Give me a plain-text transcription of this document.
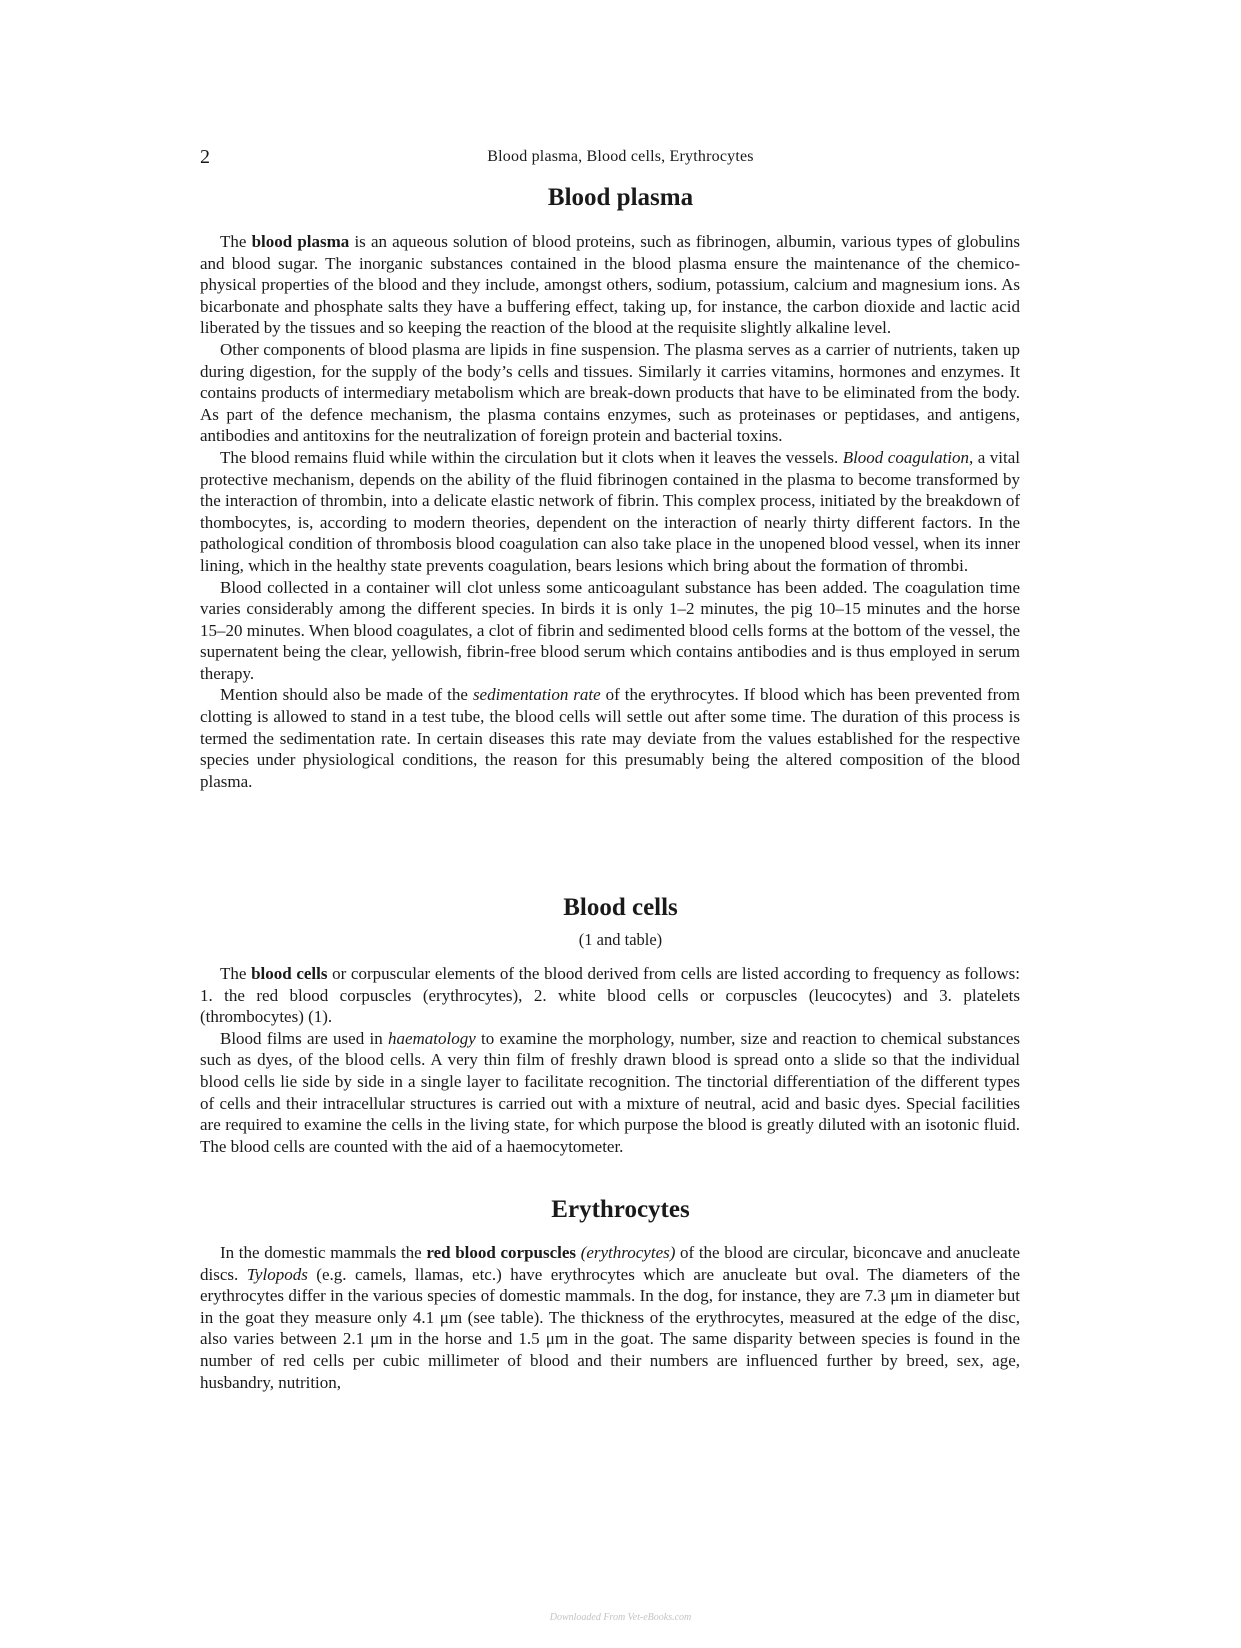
2	Blood plasma, Blood cells, Erythrocytes
Blood plasma

The blood plasma is an aqueous solution of blood proteins, such as fibrinogen, albumin, various types of globulins and blood sugar. The inorganic substances contained in the blood plasma ensure the maintenance of the chemico-physical properties of the blood and they include, amongst others, sodium, potassium, calcium and magnesium ions. As bicarbonate and phosphate salts they have a buffering effect, taking up, for instance, the carbon dioxide and lactic acid liberated by the tissues and so keeping the reaction of the blood at the requisite slightly alkaline level.

Other components of blood plasma are lipids in fine suspension. The plasma serves as a carrier of nutrients, taken up during digestion, for the supply of the body’s cells and tissues. Similarly it carries vitamins, hormones and enzymes. It contains products of intermediary metabolism which are break-down products that have to be eliminated from the body. As part of the defence mechanism, the plasma contains enzymes, such as proteinases or peptidases, and antigens, antibodies and antitoxins for the neutralization of foreign protein and bacterial toxins.

The blood remains fluid while within the circulation but it clots when it leaves the vessels. Blood coagulation, a vital protective mechanism, depends on the ability of the fluid fibrinogen contained in the plasma to become transformed by the interaction of thrombin, into a delicate elastic network of fibrin. This complex process, initiated by the breakdown of thombocytes, is, according to modern theories, dependent on the interaction of nearly thirty different factors. In the pathological condition of thrombosis blood coagulation can also take place in the unopened blood vessel, when its inner lining, which in the healthy state prevents coagulation, bears lesions which bring about the formation of thrombi.

Blood collected in a container will clot unless some anticoagulant substance has been added. The coagulation time varies considerably among the different species. In birds it is only 1–2 minutes, the pig 10–15 minutes and the horse 15–20 minutes. When blood coagulates, a clot of fibrin and sedimented blood cells forms at the bottom of the vessel, the supernatent being the clear, yellowish, fibrin-free blood serum which contains antibodies and is thus employed in serum therapy.

Mention should also be made of the sedimentation rate of the erythrocytes. If blood which has been prevented from clotting is allowed to stand in a test tube, the blood cells will settle out after some time. The duration of this process is termed the sedimentation rate. In certain diseases this rate may deviate from the values established for the respective species under physiological conditions, the reason for this presumably being the altered composition of the blood plasma.

Blood cells
(1 and table)

The blood cells or corpuscular elements of the blood derived from cells are listed according to frequency as follows: 1. the red blood corpuscles (erythrocytes), 2. white blood cells or corpuscles (leucocytes) and 3. platelets (thrombocytes) (1).

Blood films are used in haematology to examine the morphology, number, size and reaction to chemical substances such as dyes, of the blood cells. A very thin film of freshly drawn blood is spread onto a slide so that the individual blood cells lie side by side in a single layer to facilitate recognition. The tinctorial differentiation of the different types of cells and their intracellular structures is carried out with a mixture of neutral, acid and basic dyes. Special facilities are required to examine the cells in the living state, for which purpose the blood is greatly diluted with an isotonic fluid. The blood cells are counted with the aid of a haemocytometer.

Erythrocytes

In the domestic mammals the red blood corpuscles (erythrocytes) of the blood are circular, biconcave and anucleate discs. Tylopods (e.g. camels, llamas, etc.) have erythrocytes which are anucleate but oval. The diameters of the erythrocytes differ in the various species of domestic mammals. In the dog, for instance, they are 7.3 μm in diameter but in the goat they measure only 4.1 μm (see table). The thickness of the erythrocytes, measured at the edge of the disc, also varies between 2.1 μm in the horse and 1.5 μm in the goat. The same disparity between species is found in the number of red cells per cubic millimeter of blood and their numbers are influenced further by breed, sex, age, husbandry, nutrition,

Downloaded From Vet-eBooks.com
